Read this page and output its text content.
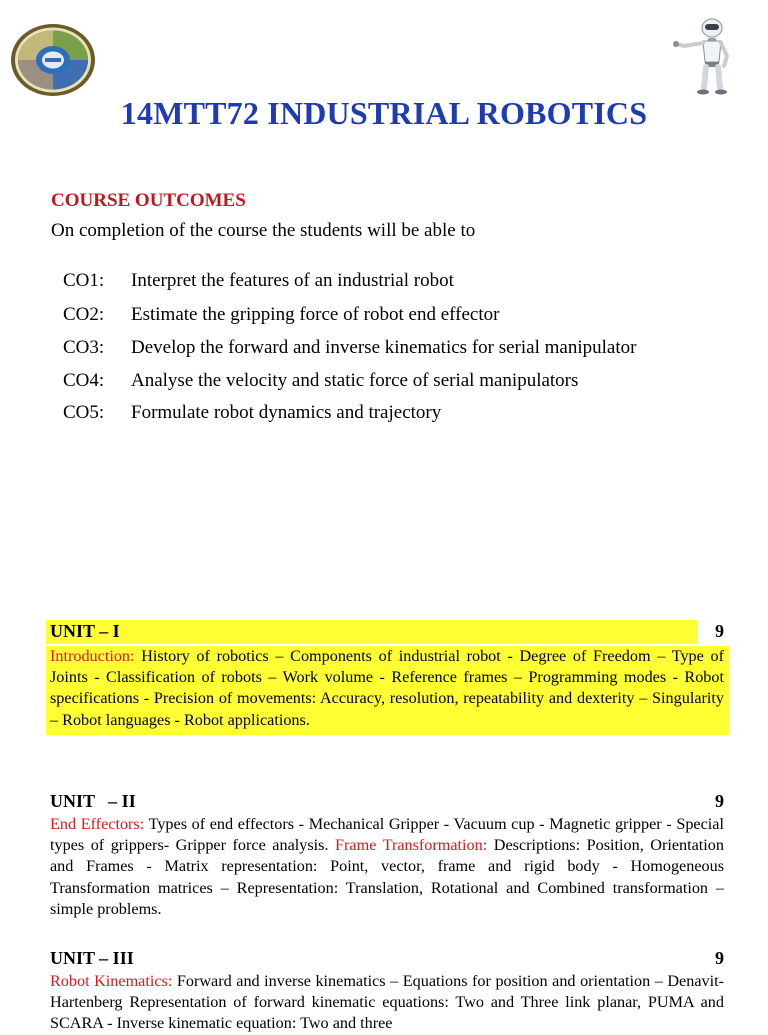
14MTT72 INDUSTRIAL ROBOTICS
COURSE OUTCOMES
On completion of the course the students will be able to
CO1: Interpret the features of an industrial robot
CO2: Estimate the gripping force of robot end effector
CO3: Develop the forward and inverse kinematics for serial manipulator
CO4: Analyse the velocity and static force of serial manipulators
CO5: Formulate robot dynamics and trajectory
UNIT – I	9
Introduction: History of robotics – Components of industrial robot - Degree of Freedom – Type of Joints - Classification of robots – Work volume - Reference frames – Programming modes - Robot specifications - Precision of movements: Accuracy, resolution, repeatability and dexterity – Singularity – Robot languages - Robot applications.
UNIT   – II	9
End Effectors: Types of end effectors - Mechanical Gripper - Vacuum cup - Magnetic gripper - Special types of grippers- Gripper force analysis. Frame Transformation: Descriptions: Position, Orientation and Frames - Matrix representation: Point, vector, frame and rigid body - Homogeneous Transformation matrices – Representation: Translation, Rotational and Combined transformation – simple problems.
UNIT – III	9
Robot Kinematics: Forward and inverse kinematics – Equations for position and orientation – Denavit- Hartenberg Representation of forward kinematic equations: Two and Three link planar, PUMA and SCARA - Inverse kinematic equation: Two and three
